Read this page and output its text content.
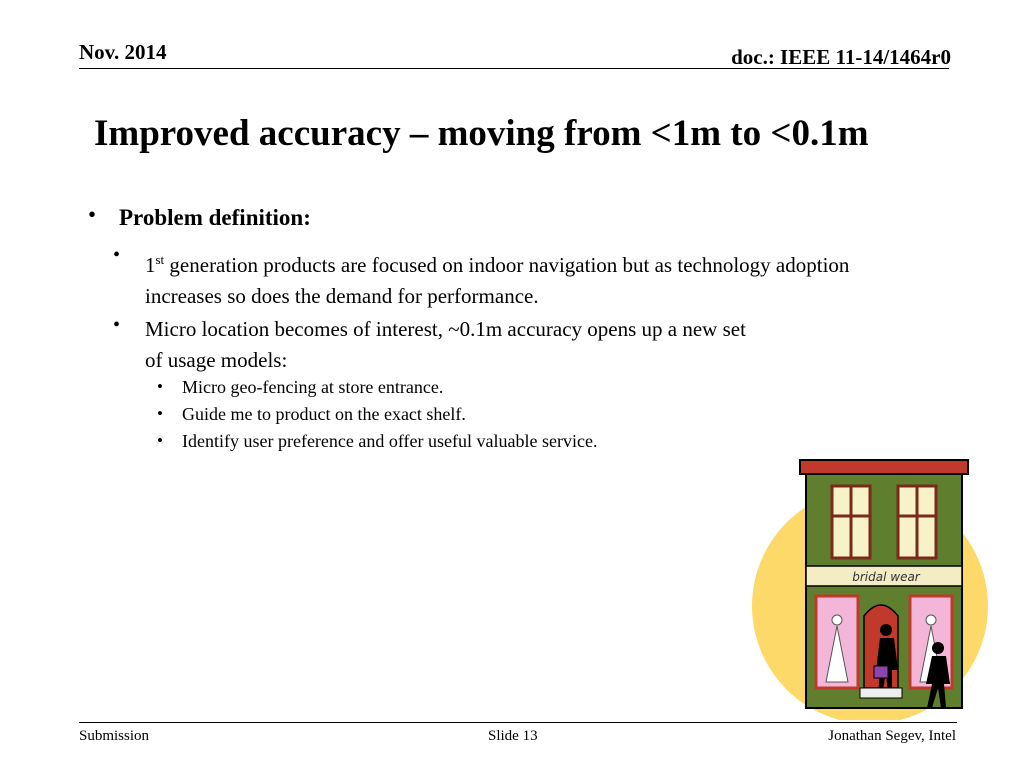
Nov. 2014	doc.: IEEE 11-14/1464r0
Improved accuracy – moving from <1m to <0.1m
• Problem definition:
• 1st generation products are focused on indoor navigation but as technology adoption increases so does the demand for performance.
• Micro location becomes of interest, ~0.1m accuracy opens up a new set of usage models:
• Micro geo-fencing at store entrance.
• Guide me to product on the exact shelf.
• Identify user preference and offer useful valuable service.
bridal wear
Submission	Slide 13	Jonathan Segev, Intel
